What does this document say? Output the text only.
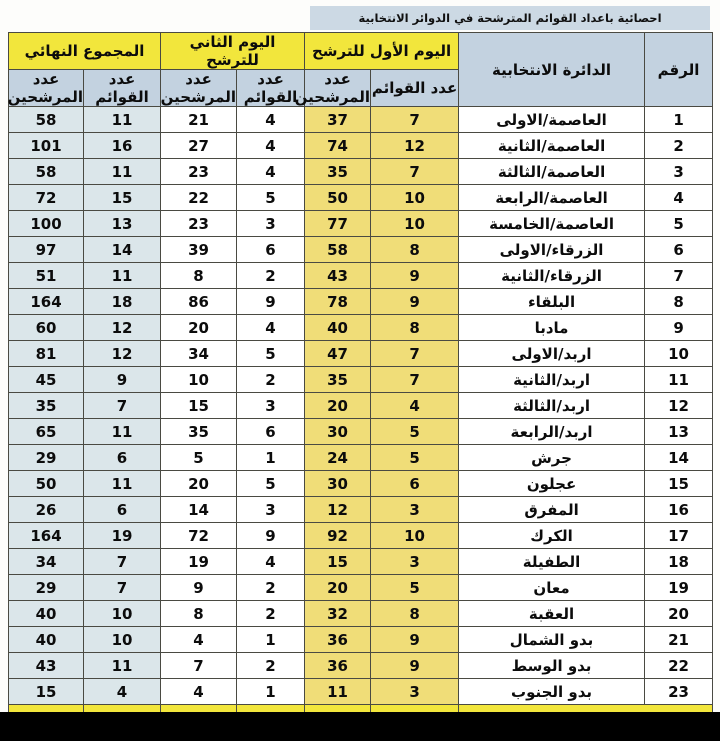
احصائية باعداد القوائم المترشحة في الدوائر الانتخابية
الرقم	الدائرة الانتخابية	اليوم الأول للترشح		اليوم الثاني للترشح		المجموع النهائي	
		عدد القوائم	عدد المرشحين	عدد القوائم	عدد المرشحين	عدد القوائم	عدد المرشحين
1	العاصمة/الاولى	7	37	4	21	11	58
2	العاصمة/الثانية	12	74	4	27	16	101
3	العاصمة/الثالثة	7	35	4	23	11	58
4	العاصمة/الرابعة	10	50	5	22	15	72
5	العاصمة/الخامسة	10	77	3	23	13	100
6	الزرقاء/الاولى	8	58	6	39	14	97
7	الزرقاء/الثانية	9	43	2	8	11	51
8	البلقاء	9	78	9	86	18	164
9	مادبا	8	40	4	20	12	60
10	اربد/الاولى	7	47	5	34	12	81
11	اربد/الثانية	7	35	2	10	9	45
12	اربد/الثالثة	4	20	3	15	7	35
13	اربد/الرابعة	5	30	6	35	11	65
14	جرش	5	24	1	5	6	29
15	عجلون	6	30	5	20	11	50
16	المفرق	3	12	3	14	6	26
17	الكرك	10	92	9	72	19	164
18	الطفيلة	3	15	4	19	7	34
19	معان	5	20	2	9	7	29
20	العقبة	8	32	2	8	10	40
21	بدو الشمال	9	36	1	4	10	40
22	بدو الوسط	9	36	2	7	11	43
23	بدو الجنوب	3	11	1	4	4	15
